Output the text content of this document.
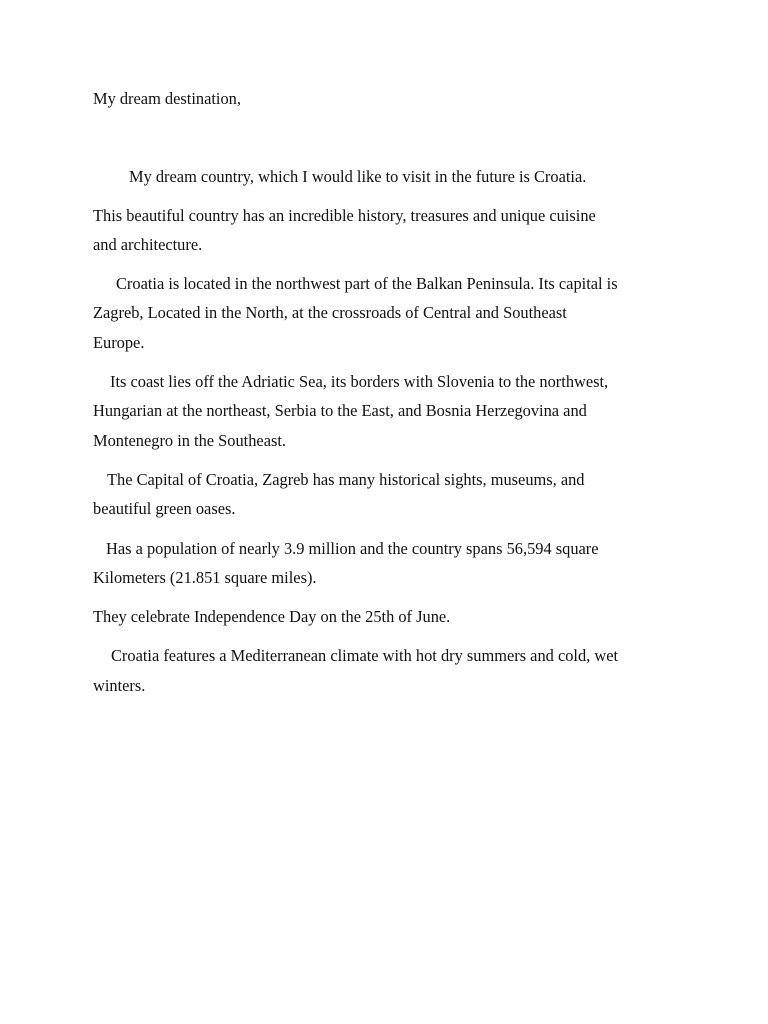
My dream destination,
My dream country, which I would like to visit in the future is Croatia.
This beautiful country has an incredible history, treasures and unique cuisine
and architecture.
Croatia is located in the northwest part of the Balkan Peninsula. Its capital is
Zagreb, Located in the North, at the crossroads of Central and Southeast
Europe.
Its coast lies off the Adriatic Sea, its borders with Slovenia to the northwest,
Hungarian at the northeast, Serbia to the East, and Bosnia Herzegovina and
Montenegro in the Southeast.
The Capital of Croatia, Zagreb has many historical sights, museums, and
beautiful green oases.
Has a population of nearly 3.9 million and the country spans 56,594 square
Kilometers (21.851 square miles).
They celebrate Independence Day on the 25th of June.
Croatia features a Mediterranean climate with hot dry summers and cold, wet
winters.
